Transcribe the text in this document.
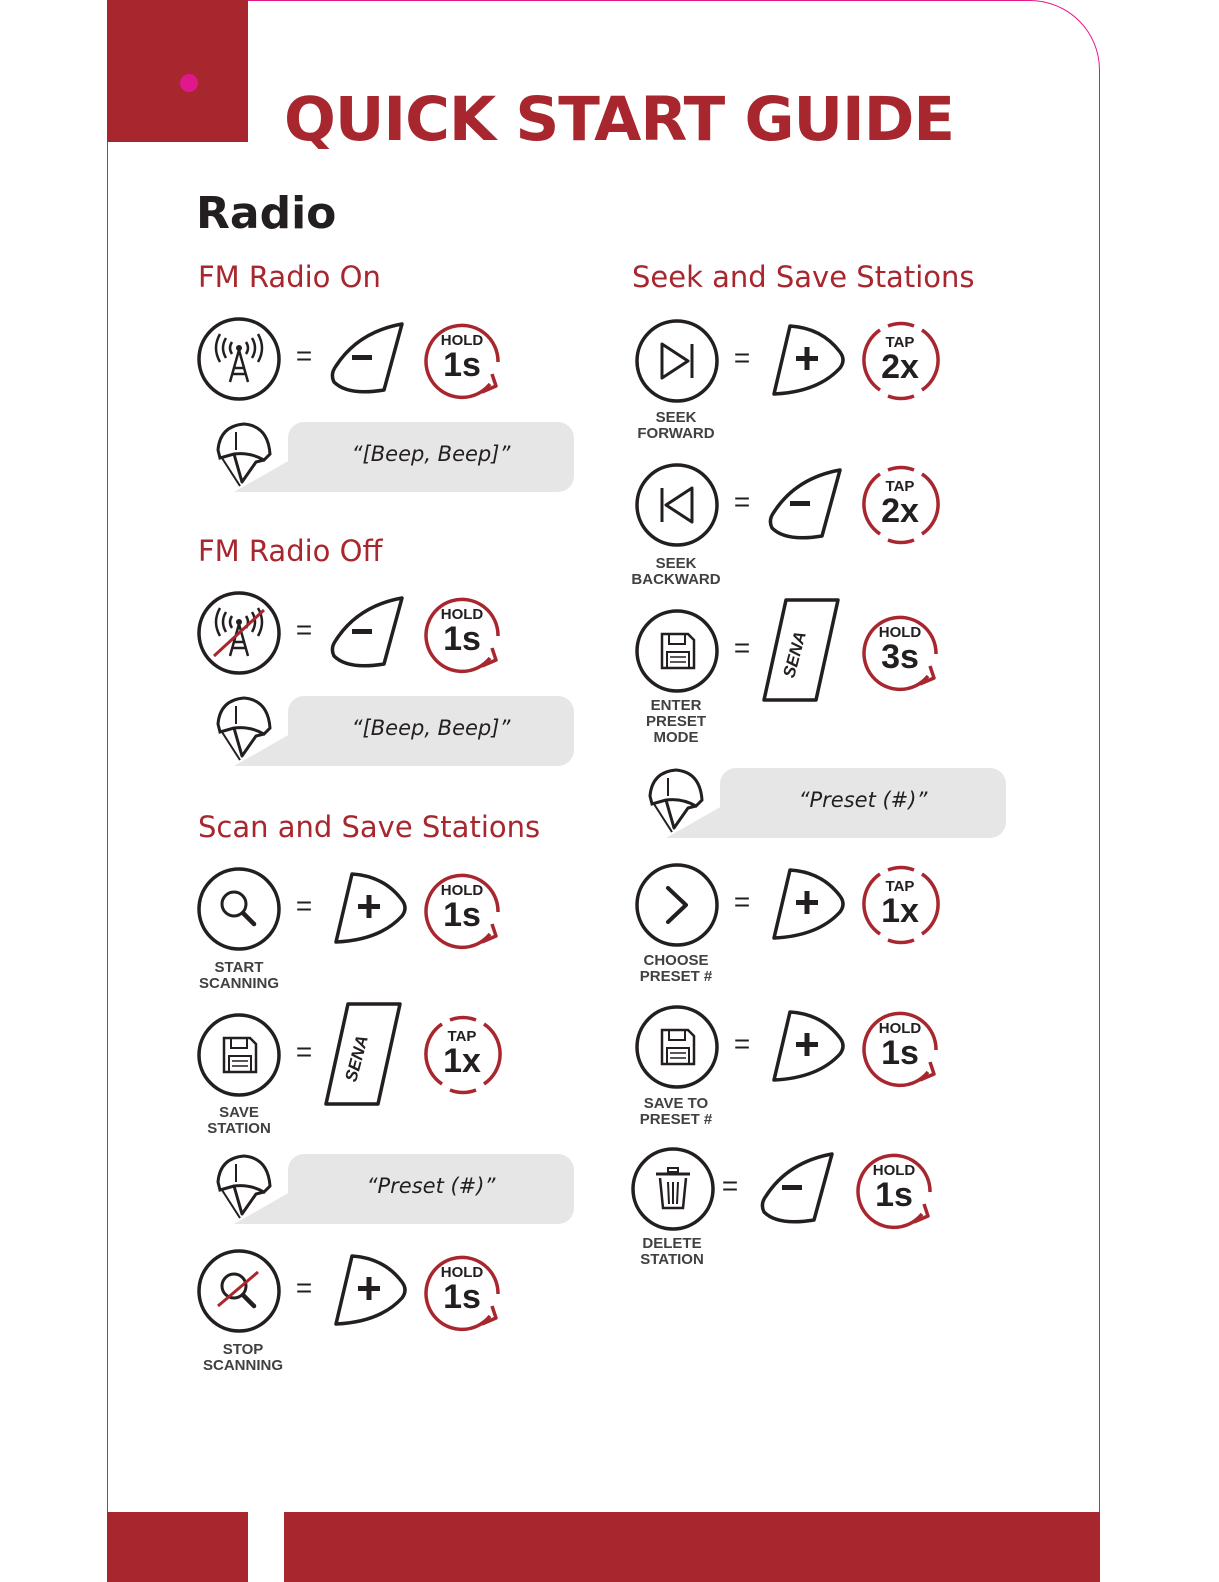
QUICK START GUIDE
Radio
FM Radio On
=	HOLD
1s
“[Beep, Beep]”
FM Radio Off
=	HOLD
1s
“[Beep, Beep]”
Scan and Save Stations
=	HOLD
1s
START
SCANNING
=	TAP
1x
SAVE
STATION
“Preset (#)”
=	HOLD
1s
STOP
SCANNING
Seek and Save Stations
=	TAP
2x
SEEK
FORWARD
=	TAP
2x
SEEK
BACKWARD
=	HOLD
3s
ENTER
PRESET
MODE
“Preset (#)”
=	TAP
1x
CHOOSE
PRESET #
=	HOLD
1s
SAVE TO
PRESET #
=	HOLD
1s
DELETE
STATION
